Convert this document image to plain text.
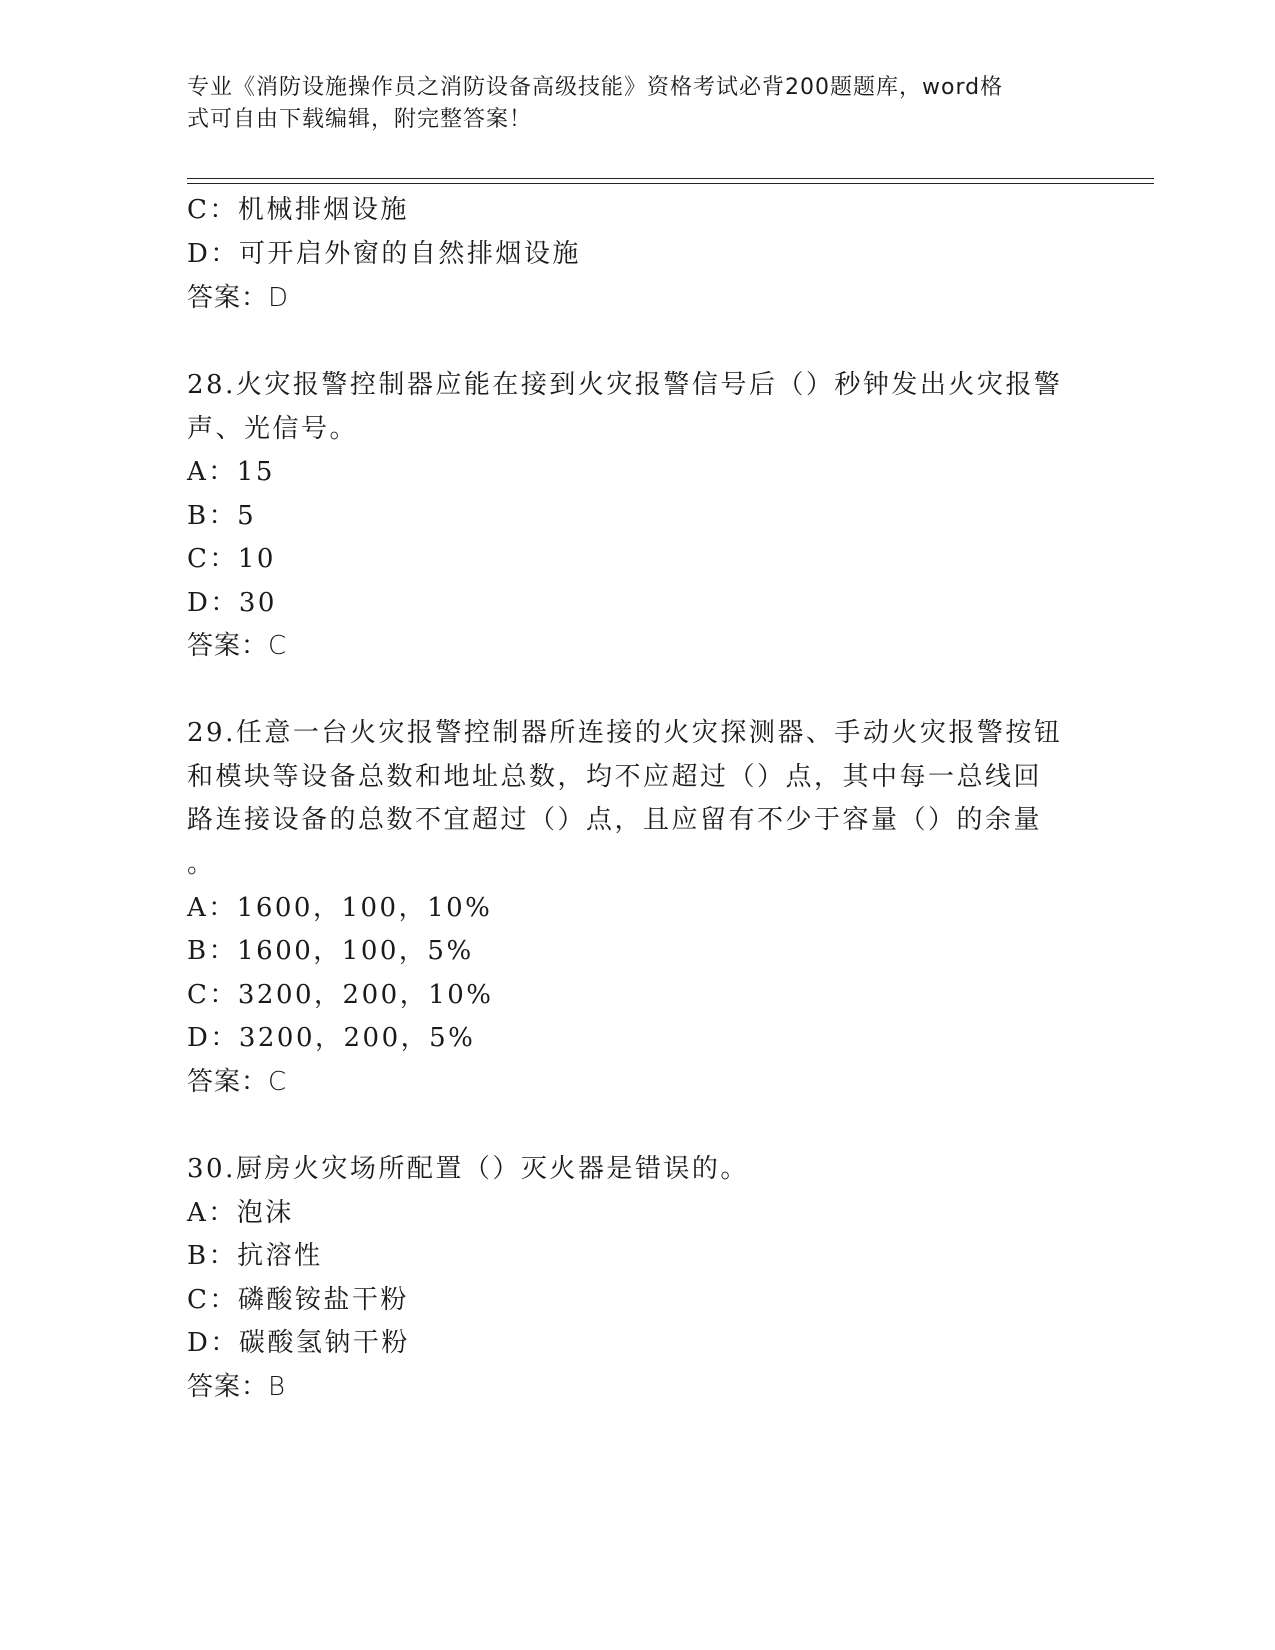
专业《消防设施操作员之消防设备高级技能》资格考试必背200题题库，word格
式可自由下载编辑，附完整答案！
C：机械排烟设施
D：可开启外窗的自然排烟设施
答案：D
28.火灾报警控制器应能在接到火灾报警信号后（）秒钟发出火灾报警
声、光信号。
A：15
B：5
C：10
D：30
答案：C
29.任意一台火灾报警控制器所连接的火灾探测器、手动火灾报警按钮
和模块等设备总数和地址总数，均不应超过（）点，其中每一总线回
路连接设备的总数不宜超过（）点，且应留有不少于容量（）的余量
。
A：1600，100，10%
B：1600，100，5%
C：3200，200，10%
D：3200，200，5%
答案：C
30.厨房火灾场所配置（）灭火器是错误的。
A：泡沫
B：抗溶性
C：磷酸铵盐干粉
D：碳酸氢钠干粉
答案：B
